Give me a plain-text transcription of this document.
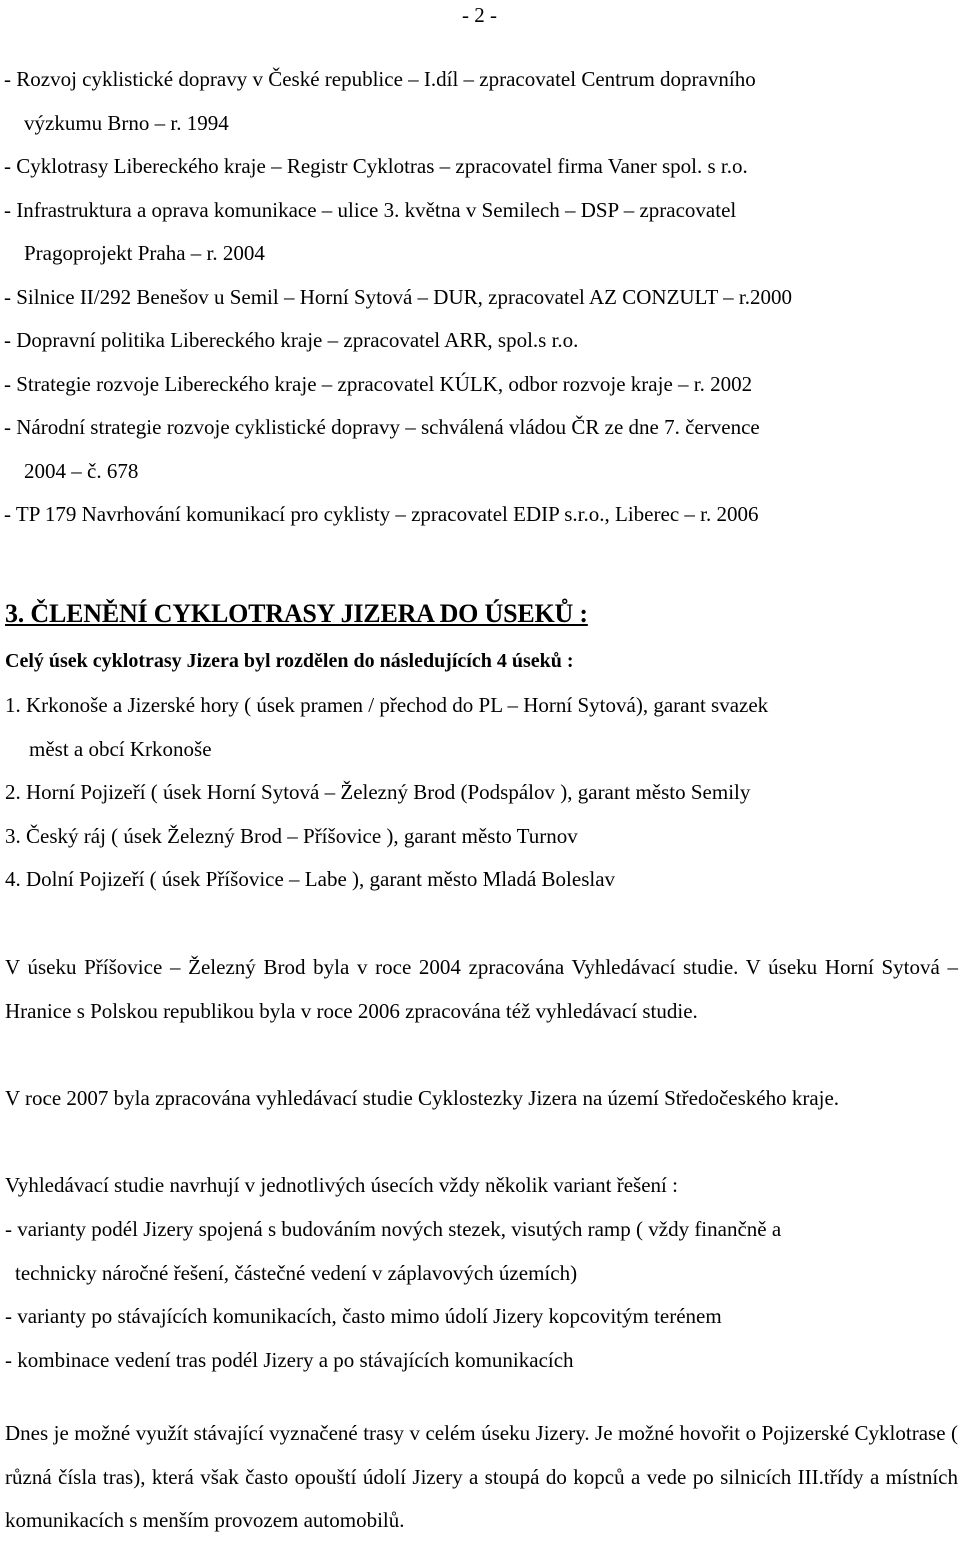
- 2 -
- Rozvoj cyklistické dopravy v České republice – I.díl – zpracovatel Centrum dopravního
výzkumu Brno – r. 1994
- Cyklotrasy Libereckého kraje – Registr Cyklotras – zpracovatel firma Vaner spol. s r.o.
- Infrastruktura a oprava komunikace – ulice 3. května v Semilech – DSP – zpracovatel
Pragoprojekt Praha – r. 2004
- Silnice II/292 Benešov u Semil – Horní Sytová – DUR, zpracovatel AZ CONZULT – r.2000
- Dopravní politika Libereckého kraje – zpracovatel ARR, spol.s r.o.
- Strategie rozvoje Libereckého kraje – zpracovatel KÚLK, odbor rozvoje kraje – r. 2002
- Národní strategie rozvoje cyklistické dopravy – schválená vládou ČR ze dne 7. července
2004 – č. 678
- TP 179 Navrhování komunikací pro cyklisty – zpracovatel EDIP s.r.o., Liberec – r. 2006
3. ČLENĚNÍ CYKLOTRASY JIZERA DO ÚSEKŮ :
Celý úsek cyklotrasy Jizera byl rozdělen do následujících 4 úseků :
1. Krkonoše a Jizerské hory ( úsek pramen / přechod do PL – Horní Sytová), garant svazek
měst a obcí Krkonoše
2. Horní Pojizeří ( úsek Horní Sytová – Železný Brod (Podspálov ), garant město Semily
3. Český ráj ( úsek Železný Brod – Příšovice ), garant město Turnov
4. Dolní Pojizeří ( úsek Příšovice – Labe ), garant město Mladá Boleslav
V úseku Příšovice – Železný Brod byla v roce 2004 zpracována Vyhledávací studie. V úseku Horní Sytová – Hranice s Polskou republikou byla v roce 2006 zpracována též vyhledávací studie.
V roce 2007 byla zpracována vyhledávací studie Cyklostezky Jizera na území Středočeského kraje.
Vyhledávací studie navrhují v jednotlivých úsecích vždy několik variant řešení :
- varianty podél Jizery spojená s budováním nových stezek, visutých ramp ( vždy finančně a
technicky náročné řešení, částečné vedení v záplavových územích)
- varianty po stávajících komunikacích, často mimo údolí Jizery kopcovitým terénem
- kombinace vedení tras podél Jizery a po stávajících komunikacích
Dnes je možné využít stávající vyznačené trasy v celém úseku Jizery. Je možné hovořit o Pojizerské Cyklotrase ( různá čísla tras), která však často opouští údolí Jizery a stoupá do kopců a vede po silnicích III.třídy a místních komunikacích s menším provozem automobilů.
